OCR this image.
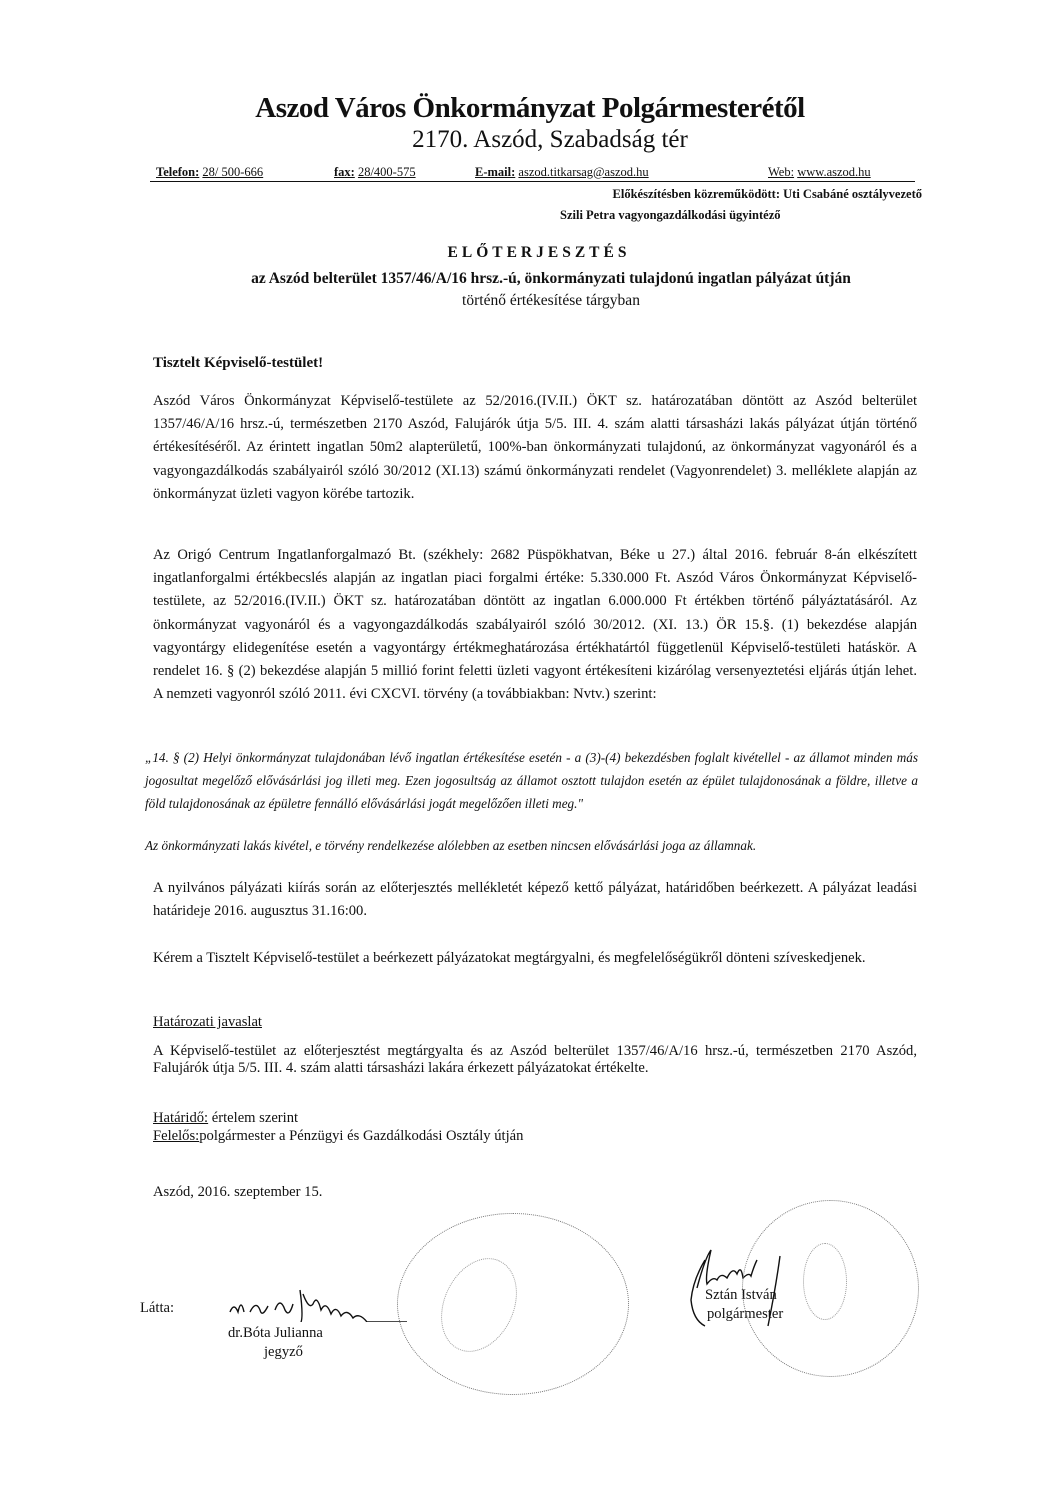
Aszod Város Önkormányzat Polgármesterétől
2170. Aszód, Szabadság tér
Telefon: 28/ 500-666	fax: 28/400-575	E-mail: aszod.titkarsag@aszod.hu	Web: www.aszod.hu
Előkészítésben közreműködött: Uti Csabáné osztályvezető
Szili Petra vagyongazdálkodási ügyintéző
ELŐTERJESZTÉS
az Aszód belterület 1357/46/A/16 hrsz.-ú, önkormányzati tulajdonú ingatlan pályázat útján
történő értékesítése tárgyban
Tisztelt Képviselő-testület!
Aszód Város Önkormányzat Képviselő-testülete az 52/2016.(IV.II.) ÖKT sz. határozatában döntött az Aszód belterület 1357/46/A/16 hrsz.-ú, természetben 2170 Aszód, Falujárók útja 5/5. III. 4. szám alatti társasházi lakás pályázat útján történő értékesítéséről. Az érintett ingatlan 50m2 alapterületű, 100%-ban önkormányzati tulajdonú, az önkormányzat vagyonáról és a vagyongazdálkodás szabályairól szóló 30/2012 (XI.13) számú önkormányzati rendelet (Vagyonrendelet) 3. melléklete alapján az önkormányzat üzleti vagyon körébe tartozik.
Az Origó Centrum Ingatlanforgalmazó Bt. (székhely: 2682 Püspökhatvan, Béke u 27.) által 2016. február 8-án elkészített ingatlanforgalmi értékbecslés alapján az ingatlan piaci forgalmi értéke: 5.330.000 Ft. Aszód Város Önkormányzat Képviselő-testülete, az 52/2016.(IV.II.) ÖKT sz. határozatában döntött az ingatlan 6.000.000 Ft értékben történő pályáztatásáról. Az önkormányzat vagyonáról és a vagyongazdálkodás szabályairól szóló 30/2012. (XI. 13.) ÖR 15.§. (1) bekezdése alapján vagyontárgy elidegenítése esetén a vagyontárgy értékmeghatározása értékhatártól függetlenül Képviselő-testületi hatáskör. A rendelet 16. § (2) bekezdése alapján 5 millió forint feletti üzleti vagyont értékesíteni kizárólag versenyeztetési eljárás útján lehet. A nemzeti vagyonról szóló 2011. évi CXCVI. törvény (a továbbiakban: Nvtv.) szerint:
„14. § (2) Helyi önkormányzat tulajdonában lévő ingatlan értékesítése esetén - a (3)-(4) bekezdésben foglalt kivétellel - az államot minden más jogosultat megelőző elővásárlási jog illeti meg. Ezen jogosultság az államot osztott tulajdon esetén az épület tulajdonosának a földre, illetve a föld tulajdonosának az épületre fennálló elővásárlási jogát megelőzően illeti meg."
Az önkormányzati lakás kivétel, e törvény rendelkezése alólebben az esetben nincsen elővásárlási joga az államnak.
A nyilvános pályázati kiírás során az előterjesztés mellékletét képező kettő pályázat, határidőben beérkezett. A pályázat leadási határideje 2016. augusztus 31.16:00.
Kérem a Tisztelt Képviselő-testület a beérkezett pályázatokat megtárgyalni, és megfelelőségükről dönteni szíveskedjenek.
Határozati javaslat
A Képviselő-testület az előterjesztést megtárgyalta és az Aszód belterület 1357/46/A/16 hrsz.-ú, természetben 2170 Aszód, Falujárók útja 5/5. III. 4. szám alatti társasházi lakára érkezett pályázatokat értékelte.
Határidő: értelem szerint
Felelős:polgármester a Pénzügyi és Gazdálkodási Osztály útján
Aszód, 2016. szeptember 15.
Látta:
dr.Bóta Julianna
jegyző
Sztán István
polgármester
